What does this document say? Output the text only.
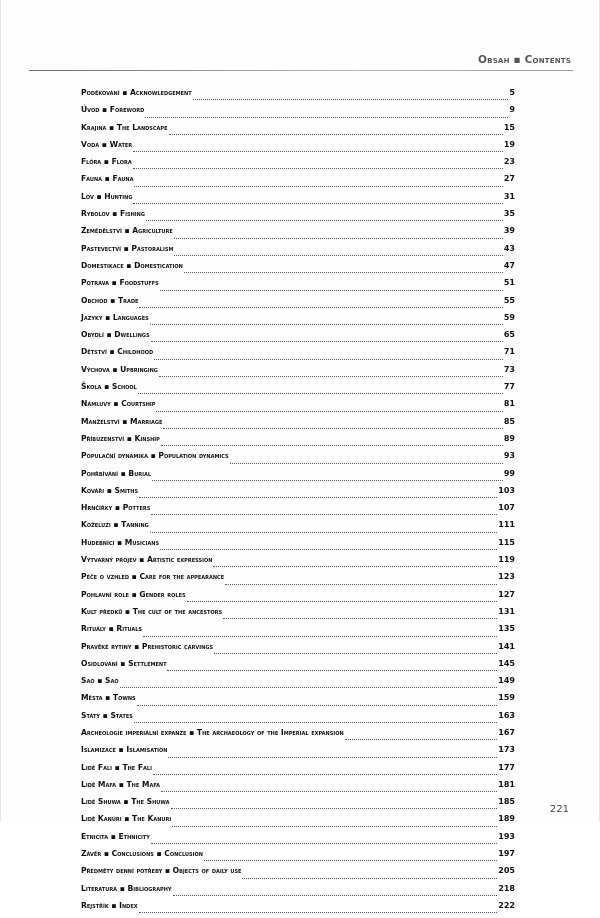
Obsah ▪ Contents
Poděkování ▪ Acknowledgement	5
Úvod ▪ Foreword	9
Krajina ▪ The Landscape	15
Voda ▪ Water	19
Flóra ▪ Flora	23
Fauna ▪ Fauna	27
Lov ▪ Hunting	31
Rybolov ▪ Fishing	35
Zemědělství ▪ Agriculture	39
Pastevectví ▪ Pastoralism	43
Domestikace ▪ Domestication	47
Potrava ▪ Foodstuffs	51
Obchod ▪ Trade	55
Jazyky ▪ Languages	59
Obydlí ▪ Dwellings	65
Dětství ▪ Childhood	71
Výchova ▪ Upbringing	73
Škola ▪ School	77
Námluvy ▪ Courtship	81
Manželství ▪ Marriage	85
Příbuzenství ▪ Kinship	89
Populační dynamika ▪ Population dynamics	93
Pohřbívání ▪ Burial	99
Kováři ▪ Smiths	103
Hrnčířky ▪ Potters	107
Koželuzi ▪ Tanning	111
Hudebníci ▪ Musicians	115
Výtvarný projev ▪ Artistic expression	119
Péče o vzhled ▪ Care for the appearance	123
Pohlavní role ▪ Gender roles	127
Kult předků ▪ The cult of the ancestors	131
Rituály ▪ Rituals	135
Pravěké rytiny ▪ Prehistoric carvings	141
Osidlování ▪ Settlement	145
Sao ▪ Sao	149
Města ▪ Towns	159
Státy ▪ States	163
Archeologie imperiální expanze ▪ The archaeology of the Imperial expansion	167
Islamizace ▪ Islamisation	173
Lidé Fali ▪ The Fali	177
Lidé Mafa ▪ The Mafa	181
Lidé Shuwa ▪ The Shuwa	185
Lidé Kanuri ▪ The Kanuri	189
Etnicita ▪ Ethnicity	193
Závěr ▪ Conclusions ▪ Conclusion	197
Předměty denní potřeby ▪ Objects of daily use	205
Literatura ▪ Bibliography	218
Rejstřík ▪ Index	222
221
